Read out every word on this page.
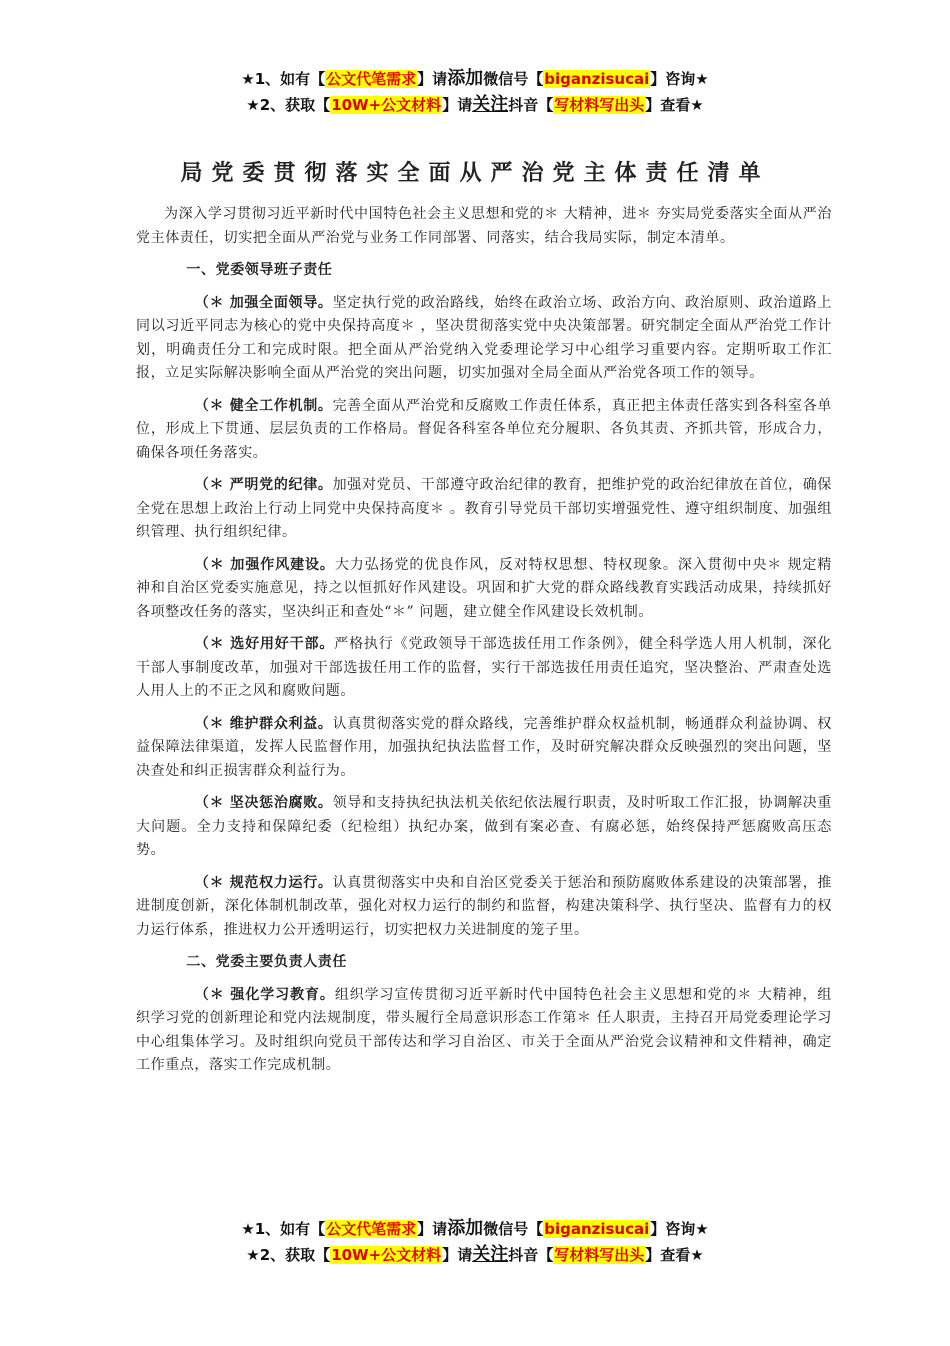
★1、如有【公文代笔需求】请添加微信号【biganzisucai】咨询★
★2、获取【10W+公文材料】请关注抖音【写材料写出头】查看★
局党委贯彻落实全面从严治党主体责任清单

为深入学习贯彻习近平新时代中国特色社会主义思想和党的＊ 大精神，进＊ 夯实局党委落实全面从严治党主体责任，切实把全面从严治党与业务工作同部署、同落实，结合我局实际，制定本清单。

一、党委领导班子责任

（＊ 加强全面领导。坚定执行党的政治路线，始终在政治立场、政治方向、政治原则、政治道路上同以习近平同志为核心的党中央保持高度＊ ，坚决贯彻落实党中央决策部署。研究制定全面从严治党工作计划，明确责任分工和完成时限。把全面从严治党纳入党委理论学习中心组学习重要内容。定期听取工作汇报，立足实际解决影响全面从严治党的突出问题，切实加强对全局全面从严治党各项工作的领导。

（＊ 健全工作机制。完善全面从严治党和反腐败工作责任体系，真正把主体责任落实到各科室各单位，形成上下贯通、层层负责的工作格局。督促各科室各单位充分履职、各负其责、齐抓共管，形成合力，确保各项任务落实。

（＊ 严明党的纪律。加强对党员、干部遵守政治纪律的教育，把维护党的政治纪律放在首位，确保全党在思想上政治上行动上同党中央保持高度＊ 。教育引导党员干部切实增强党性、遵守组织制度、加强组织管理、执行组织纪律。

（＊ 加强作风建设。大力弘扬党的优良作风，反对特权思想、特权现象。深入贯彻中央＊ 规定精神和自治区党委实施意见，持之以恒抓好作风建设。巩固和扩大党的群众路线教育实践活动成果，持续抓好各项整改任务的落实，坚决纠正和查处“＊” 问题，建立健全作风建设长效机制。

（＊ 选好用好干部。严格执行《党政领导干部选拔任用工作条例》，健全科学选人用人机制，深化干部人事制度改革，加强对干部选拔任用工作的监督，实行干部选拔任用责任追究，坚决整治、严肃查处选人用人上的不正之风和腐败问题。

（＊ 维护群众利益。认真贯彻落实党的群众路线，完善维护群众权益机制，畅通群众利益协调、权益保障法律渠道，发挥人民监督作用，加强执纪执法监督工作，及时研究解决群众反映强烈的突出问题，坚决查处和纠正损害群众利益行为。

（＊ 坚决惩治腐败。领导和支持执纪执法机关依纪依法履行职责，及时听取工作汇报，协调解决重大问题。全力支持和保障纪委（纪检组）执纪办案，做到有案必查、有腐必惩，始终保持严惩腐败高压态势。

（＊ 规范权力运行。认真贯彻落实中央和自治区党委关于惩治和预防腐败体系建设的决策部署，推进制度创新，深化体制机制改革，强化对权力运行的制约和监督，构建决策科学、执行坚决、监督有力的权力运行体系，推进权力公开透明运行，切实把权力关进制度的笼子里。

二、党委主要负责人责任

（＊ 强化学习教育。组织学习宣传贯彻习近平新时代中国特色社会主义思想和党的＊ 大精神，组织学习党的创新理论和党内法规制度，带头履行全局意识形态工作第＊ 任人职责，主持召开局党委理论学习中心组集体学习。及时组织向党员干部传达和学习自治区、市关于全面从严治党会议精神和文件精神，确定工作重点，落实工作完成机制。

★1、如有【公文代笔需求】请添加微信号【biganzisucai】咨询★
★2、获取【10W+公文材料】请关注抖音【写材料写出头】查看★
